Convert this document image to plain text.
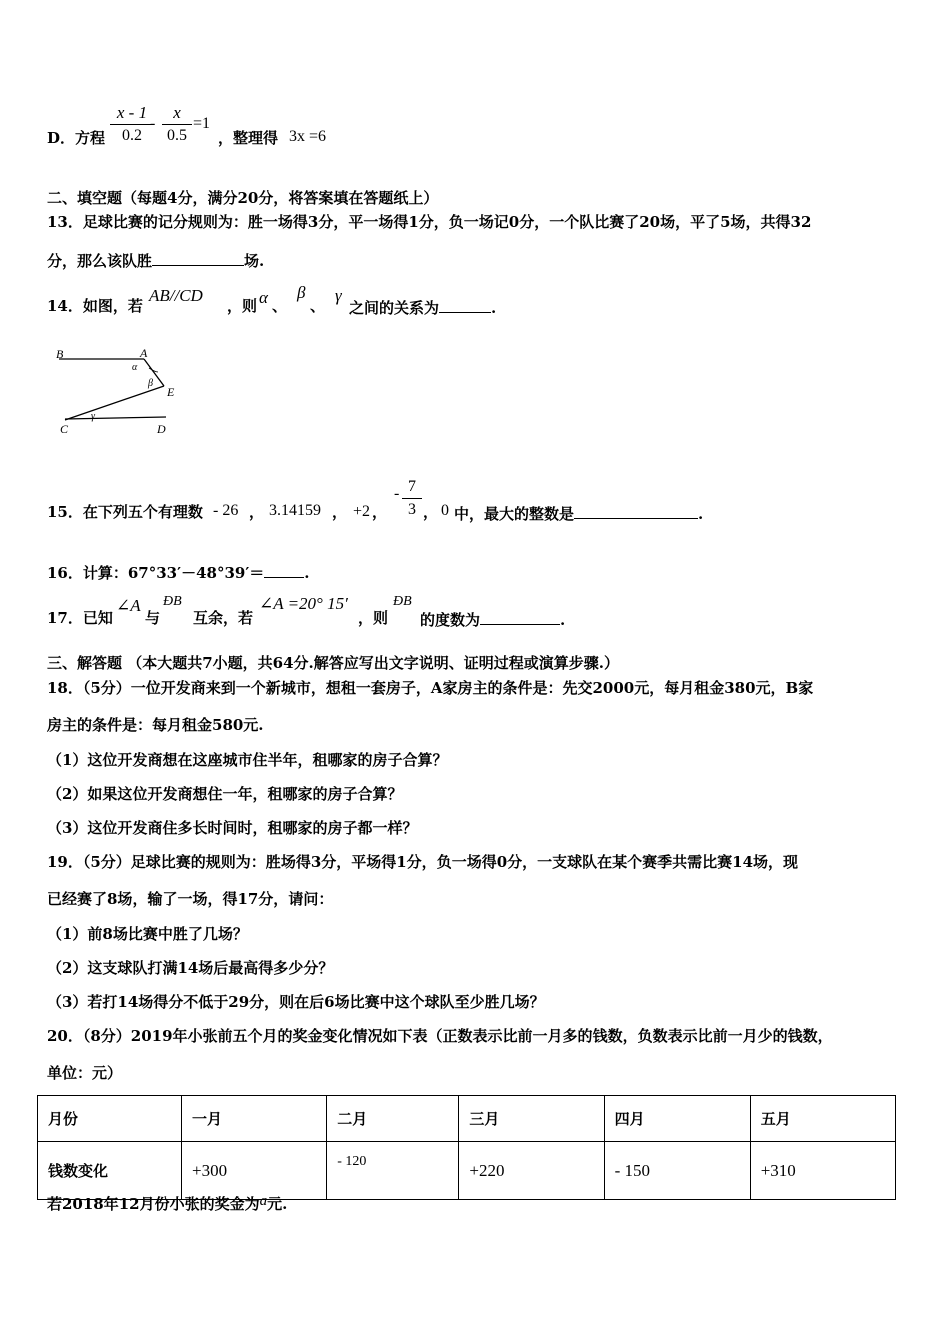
D．方程 $\frac{x - 1}{0.2}$
- $\frac{x}{0.5} =1$
，整理得 3x =6
二、填空题（每题4分，满分20分，将答案填在答题纸上）
13．足球比赛的记分规则为：胜一场得3分，平一场得1分，负一场记0分，一个队比赛了20场，平了5场，共得32
分，那么该队胜	场.
14．如图，若
AB//CD
，则 α 、
β
、
γ
之间的关系为	.
B	A
E
C	D
α
β
γ
15．在下列五个有理数 - 26 ， 3.14159 ， +2 ，
- $\frac{7}{3}$ ， 0 中，最大的整数是	.
16．计算：67°33′－48°39′＝	.
17．已知
∠A
与
ÐB
互余，若
∠A =20° 15′
，则
ÐB
的度数为	.
三、解答题 （本大题共7小题，共64分.解答应写出文字说明、证明过程或演算步骤.）
18．（5分）一位开发商来到一个新城市，想租一套房子，A家房主的条件是：先交2000元，每月租金380元，B家
房主的条件是：每月租金580元.
（1）这位开发商想在这座城市住半年，租哪家的房子合算？
（2）如果这位开发商想住一年，租哪家的房子合算？
（3）这位开发商住多长时间时，租哪家的房子都一样？
19．（5分）足球比赛的规则为：胜场得3分，平场得1分，负一场得0分，一支球队在某个赛季共需比赛14场，现
已经赛了8场，输了一场，得17分，请问：
（1）前8场比赛中胜了几场？
（2）这支球队打满14场后最高得多少分？
（3）若打14场得分不低于29分，则在后6场比赛中这个球队至少胜几场？
20．（8分）2019年小张前五个月的奖金变化情况如下表（正数表示比前一月多的钱数，负数表示比前一月少的钱数，
单位：元）
月份	一月	二月	三月	四月	五月
钱数变化	+300	- 120	+220	- 150	+310
若2018年12月份小张的奖金为a元.
